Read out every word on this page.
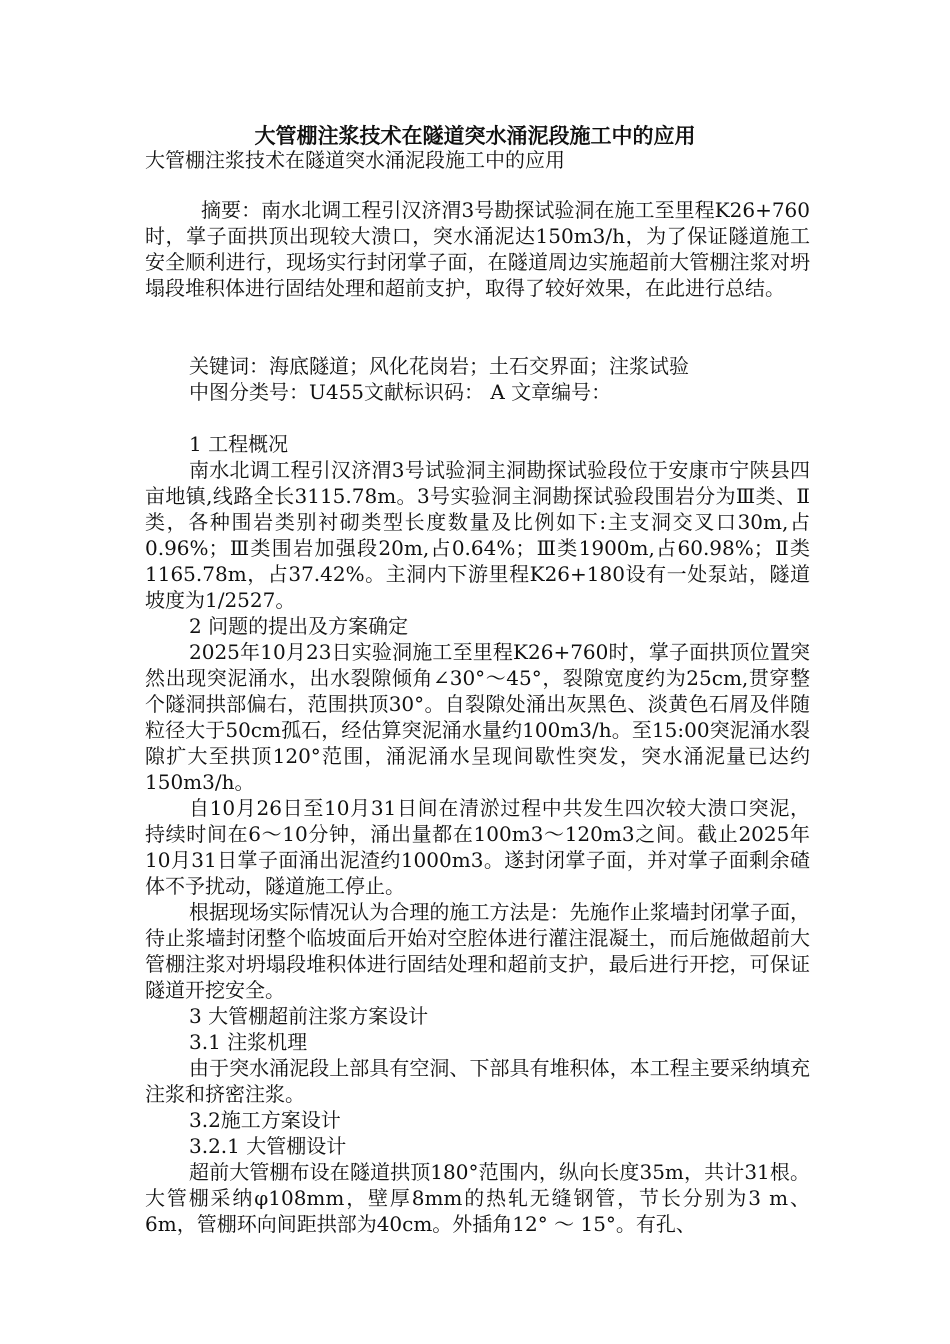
大管棚注浆技术在隧道突水涌泥段施工中的应用

大管棚注浆技术在隧道突水涌泥段施工中的应用

摘要：南水北调工程引汉济渭3号勘探试验洞在施工至里程K26+760时，掌子面拱顶出现较大溃口，突水涌泥达150m3/h，为了保证隧道施工安全顺利进行，现场实行封闭掌子面，在隧道周边实施超前大管棚注浆对坍塌段堆积体进行固结处理和超前支护，取得了较好效果，在此进行总结。

关键词：海底隧道；风化花岗岩；土石交界面；注浆试验

中图分类号：U455文献标识码： A 文章编号：

1 工程概况

南水北调工程引汉济渭3号试验洞主洞勘探试验段位于安康市宁陕县四亩地镇,线路全长3115.78m。3号实验洞主洞勘探试验段围岩分为Ⅲ类、Ⅱ类，各种围岩类别衬砌类型长度数量及比例如下:主支洞交叉口30m,占0.96%；Ⅲ类围岩加强段20m,占0.64%；Ⅲ类1900m,占60.98%；Ⅱ类1165.78m，占37.42%。主洞内下游里程K26+180设有一处泵站，隧道坡度为1/2527。

2 问题的提出及方案确定

2025年10月23日实验洞施工至里程K26+760时，掌子面拱顶位置突然出现突泥涌水，出水裂隙倾角∠30°～45°，裂隙宽度约为25cm,贯穿整个隧洞拱部偏右，范围拱顶30°。自裂隙处涌出灰黑色、淡黄色石屑及伴随粒径大于50cm孤石，经估算突泥涌水量约100m3/h。至15:00突泥涌水裂隙扩大至拱顶120°范围，涌泥涌水呈现间歇性突发，突水涌泥量已达约150m3/h。

自10月26日至10月31日间在清淤过程中共发生四次较大溃口突泥，持续时间在6～10分钟，涌出量都在100m3～120m3之间。截止2025年10月31日掌子面涌出泥渣约1000m3。遂封闭掌子面，并对掌子面剩余碴体不予扰动，隧道施工停止。

根据现场实际情况认为合理的施工方法是：先施作止浆墙封闭掌子面，待止浆墙封闭整个临坡面后开始对空腔体进行灌注混凝土，而后施做超前大管棚注浆对坍塌段堆积体进行固结处理和超前支护，最后进行开挖，可保证隧道开挖安全。

3 大管棚超前注浆方案设计

3.1 注浆机理

由于突水涌泥段上部具有空洞、下部具有堆积体，本工程主要采纳填充注浆和挤密注浆。

3.2施工方案设计

3.2.1 大管棚设计

超前大管棚布设在隧道拱顶180°范围内，纵向长度35m，共计31根。大管棚采纳φ108mm，壁厚8mm的热轧无缝钢管，节长分别为3 m、6m，管棚环向间距拱部为40cm。外插角12° ～ 15°。有孔、
